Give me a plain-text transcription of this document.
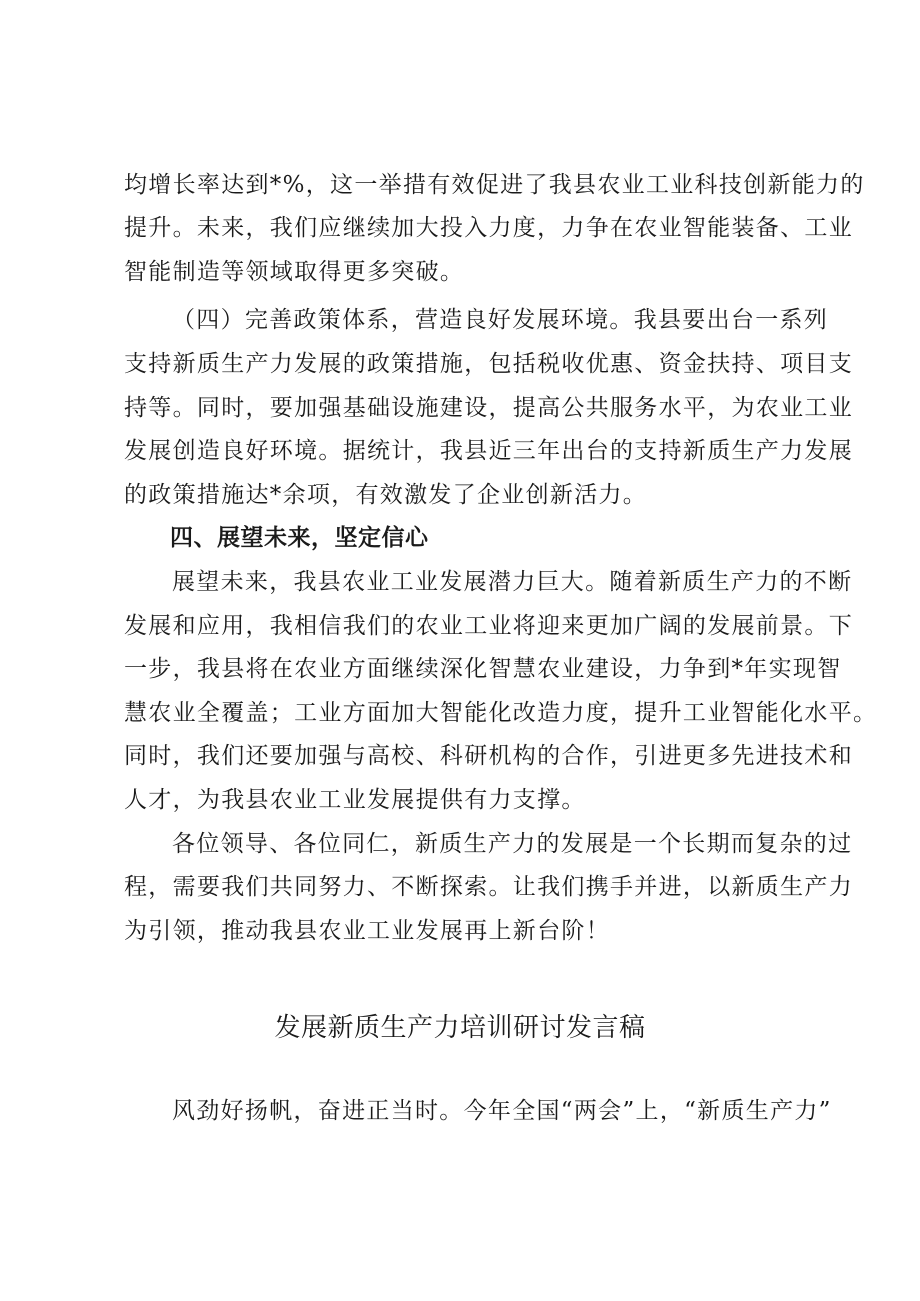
均增长率达到*%，这一举措有效促进了我县农业工业科技创新能力的
提升。未来，我们应继续加大投入力度，力争在农业智能装备、工业
智能制造等领域取得更多突破。
（四）完善政策体系，营造良好发展环境。我县要出台一系列
支持新质生产力发展的政策措施，包括税收优惠、资金扶持、项目支
持等。同时，要加强基础设施建设，提高公共服务水平，为农业工业
发展创造良好环境。据统计，我县近三年出台的支持新质生产力发展
的政策措施达*余项，有效激发了企业创新活力。
四、展望未来，坚定信心
展望未来，我县农业工业发展潜力巨大。随着新质生产力的不断
发展和应用，我相信我们的农业工业将迎来更加广阔的发展前景。下
一步，我县将在农业方面继续深化智慧农业建设，力争到*年实现智
慧农业全覆盖；工业方面加大智能化改造力度，提升工业智能化水平。
同时，我们还要加强与高校、科研机构的合作，引进更多先进技术和
人才，为我县农业工业发展提供有力支撑。
各位领导、各位同仁，新质生产力的发展是一个长期而复杂的过
程，需要我们共同努力、不断探索。让我们携手并进，以新质生产力
为引领，推动我县农业工业发展再上新台阶！
发展新质生产力培训研讨发言稿
风劲好扬帆，奋进正当时。今年全国“两会”上，“新质生产力”
